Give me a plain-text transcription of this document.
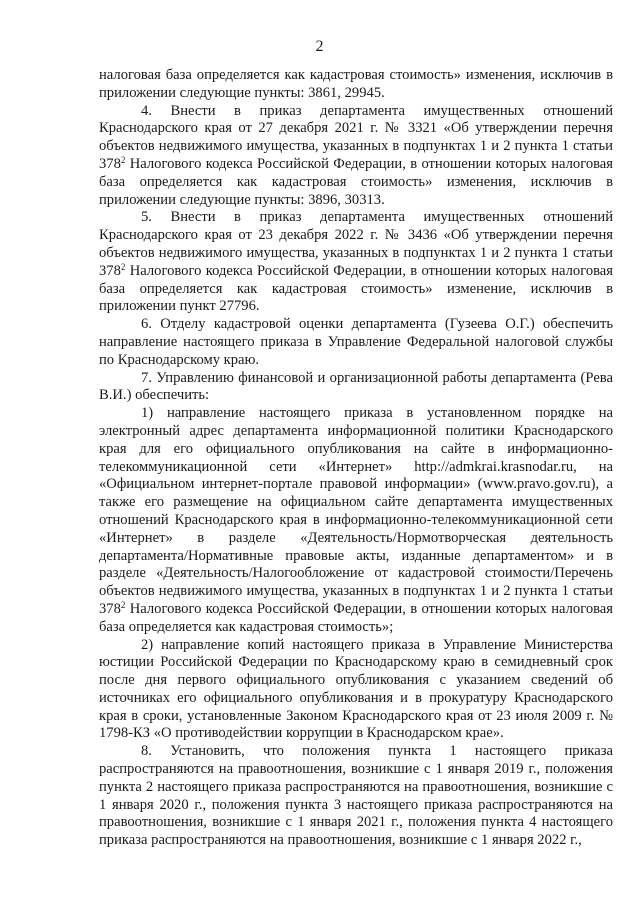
2

налоговая база определяется как кадастровая стоимость» изменения, исключив в приложении следующие пункты: 3861, 29945.

4. Внести в приказ департамента имущественных отношений Краснодарского края от 27 декабря 2021 г. № 3321 «Об утверждении перечня объектов недвижимого имущества, указанных в подпунктах 1 и 2 пункта 1 статьи $378^2$ Налогового кодекса Российской Федерации, в отношении которых налоговая база определяется как кадастровая стоимость» изменения, исключив в приложении следующие пункты: 3896, 30313.

5. Внести в приказ департамента имущественных отношений Краснодарского края от 23 декабря 2022 г. № 3436 «Об утверждении перечня объектов недвижимого имущества, указанных в подпунктах 1 и 2 пункта 1 статьи $378^2$ Налогового кодекса Российской Федерации, в отношении которых налоговая база определяется как кадастровая стоимость» изменение, исключив в приложении пункт 27796.

6. Отделу кадастровой оценки департамента (Гузеева О.Г.) обеспечить направление настоящего приказа в Управление Федеральной налоговой службы по Краснодарскому краю.

7. Управлению финансовой и организационной работы департамента (Рева В.И.) обеспечить:

1) направление настоящего приказа в установленном порядке на электронный адрес департамента информационной политики Краснодарского края для его официального опубликования на сайте в информационно-телекоммуникационной сети «Интернет» http://admkrai.krasnodar.ru, на «Официальном интернет-портале правовой информации» (www.pravo.gov.ru), а также его размещение на официальном сайте департамента имущественных отношений Краснодарского края в информационно-телекоммуникационной сети «Интернет» в разделе «Деятельность/Нормотворческая деятельность департамента/Нормативные правовые акты, изданные департаментом» и в разделе «Деятельность/Налогообложение от кадастровой стоимости/Перечень объектов недвижимого имущества, указанных в подпунктах 1 и 2 пункта 1 статьи $378^2$ Налогового кодекса Российской Федерации, в отношении которых налоговая база определяется как кадастровая стоимость»;

2) направление копий настоящего приказа в Управление Министерства юстиции Российской Федерации по Краснодарскому краю в семидневный срок после дня первого официального опубликования с указанием сведений об источниках его официального опубликования и в прокуратуру Краснодарского края в сроки, установленные Законом Краснодарского края от 23 июля 2009 г. № 1798-КЗ «О противодействии коррупции в Краснодарском крае».

8. Установить, что положения пункта 1 настоящего приказа распространяются на правоотношения, возникшие с 1 января 2019 г., положения пункта 2 настоящего приказа распространяются на правоотношения, возникшие с 1 января 2020 г., положения пункта 3 настоящего приказа распространяются на правоотношения, возникшие с 1 января 2021 г., положения пункта 4 настоящего приказа распространяются на правоотношения, возникшие с 1 января 2022 г.,
